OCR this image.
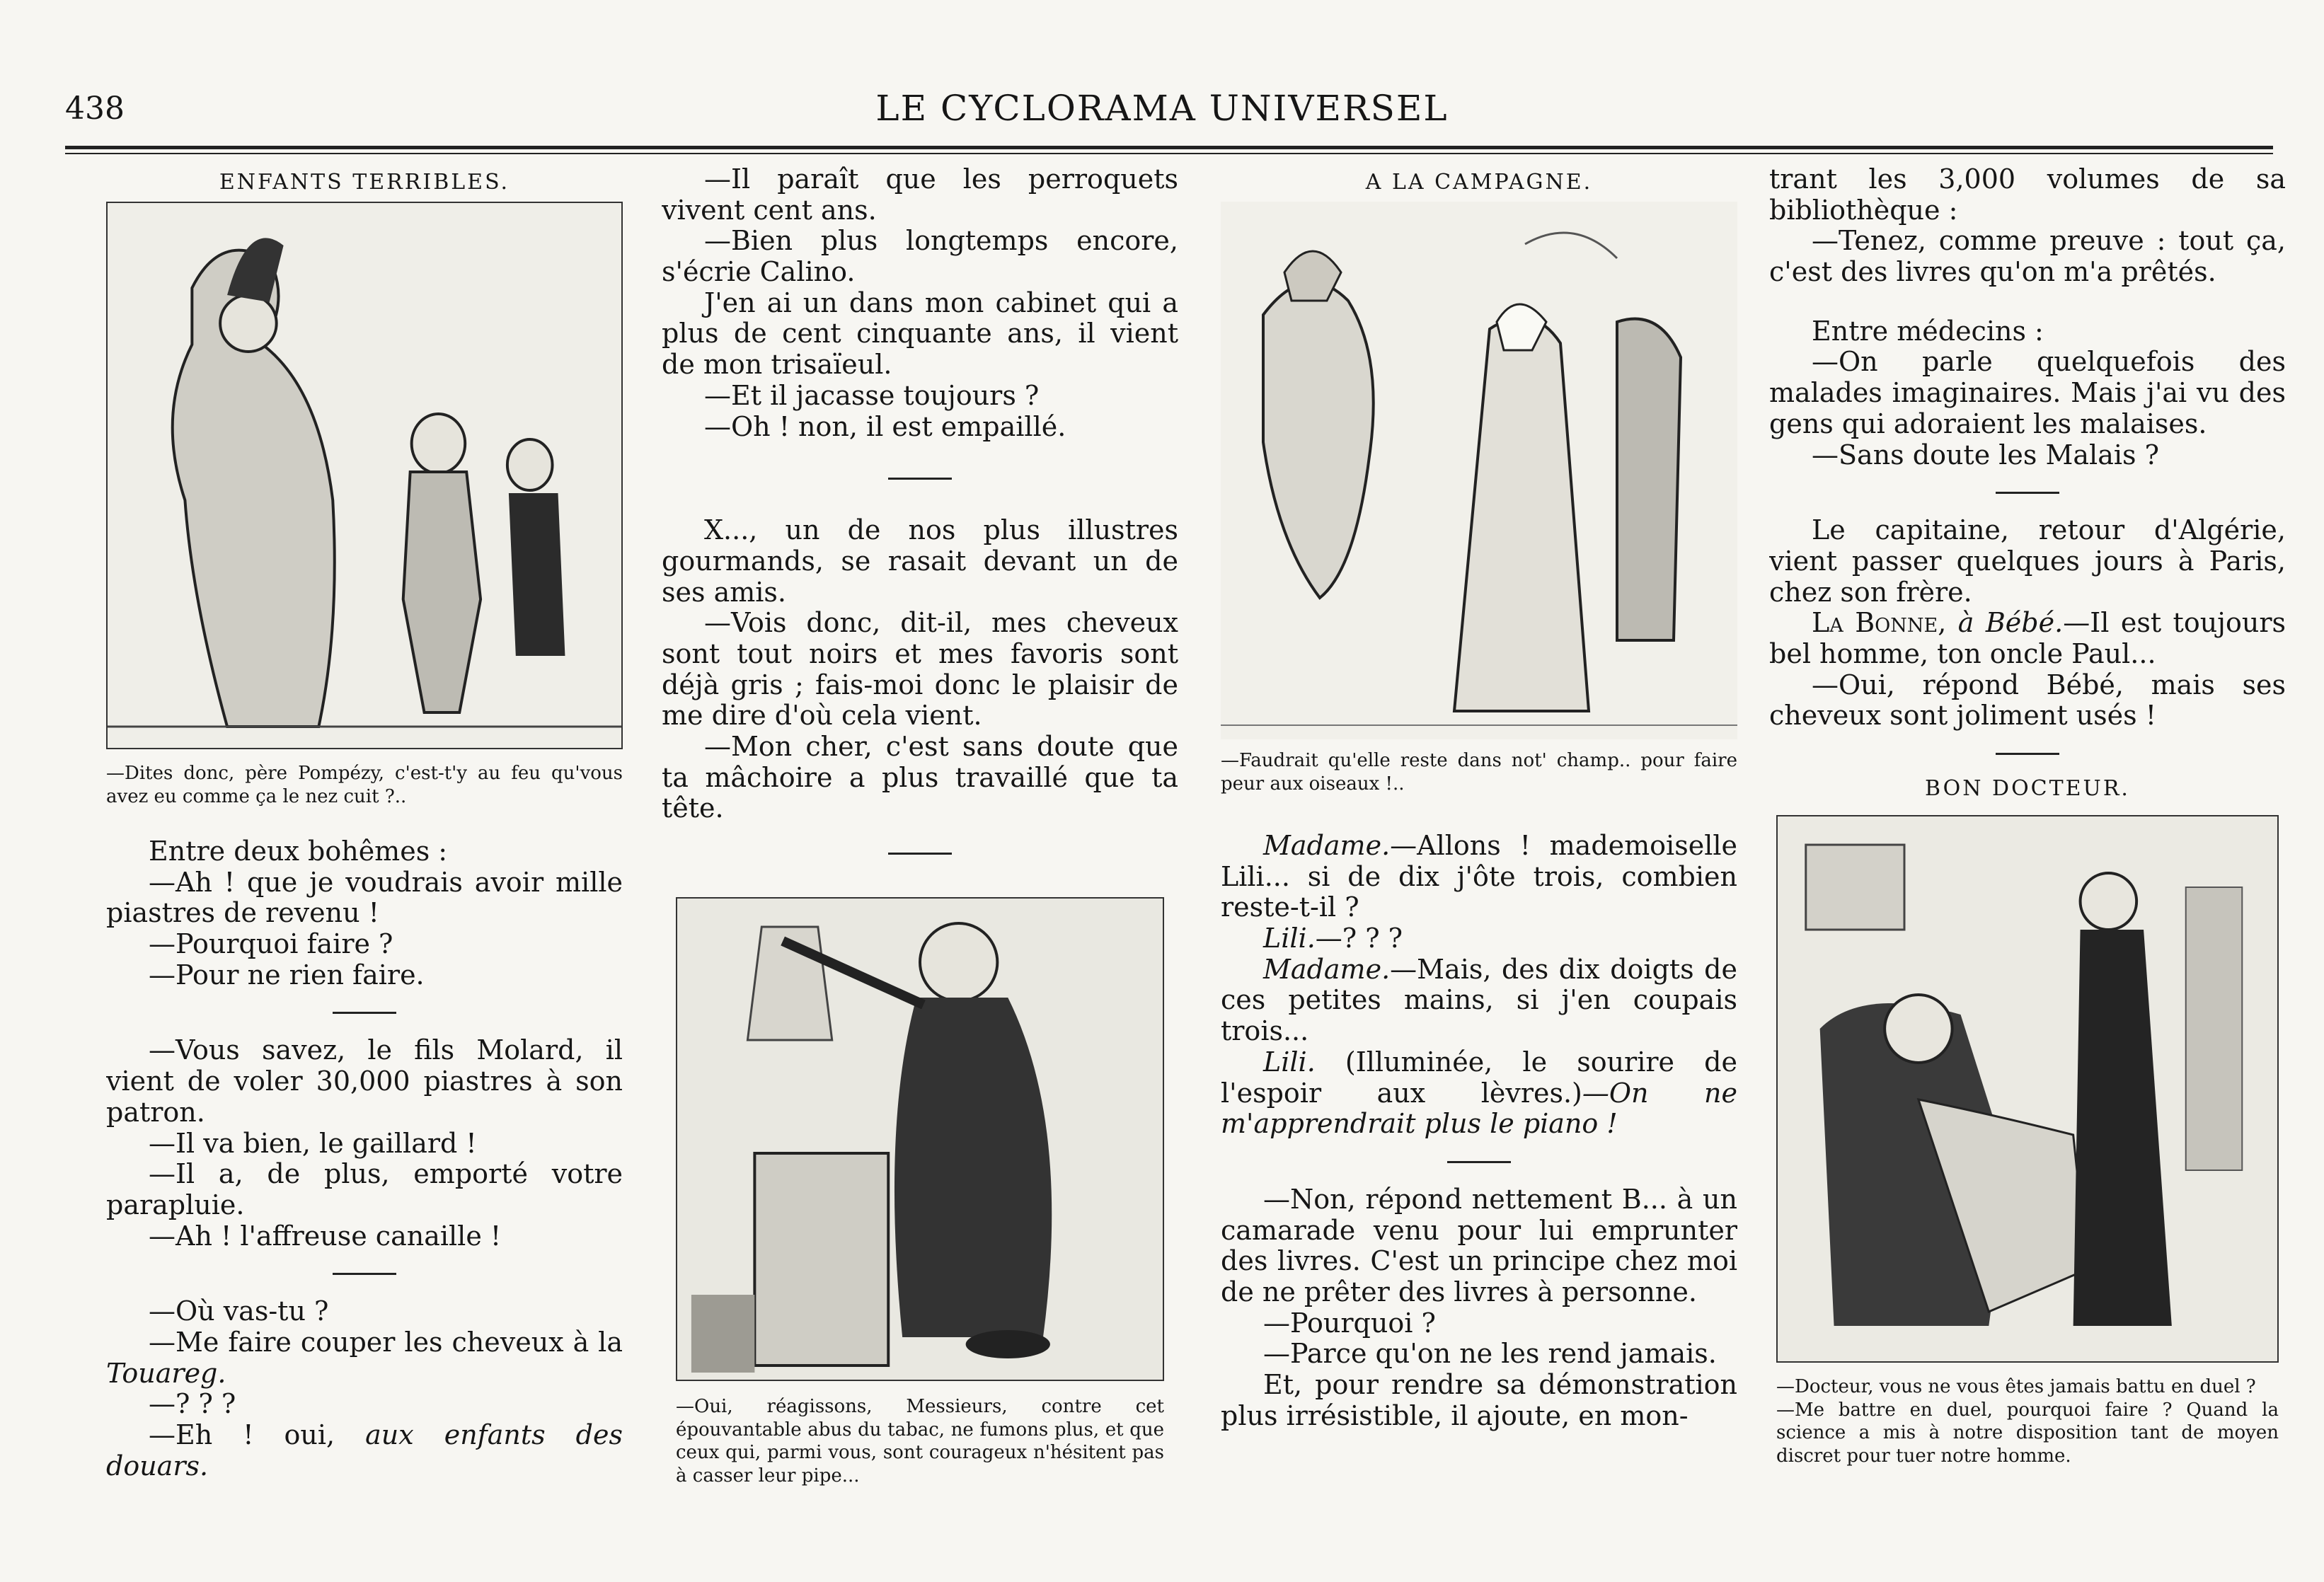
438	LE CYCLORAMA UNIVERSEL
ENFANTS TERRIBLES.
—Dites donc, père Pompézy, c'est-t'y au feu qu'vous avez eu comme ça le nez cuit ?..

Entre deux bohêmes :

—Ah ! que je voudrais avoir mille piastres de revenu !

—Pourquoi faire ?

—Pour ne rien faire.

—Vous savez, le fils Molard, il vient de voler 30,000 piastres à son patron.

—Il va bien, le gaillard !

—Il a, de plus, emporté votre parapluie.

—Ah ! l'affreuse canaille !

—Où vas-tu ?

—Me faire couper les cheveux à la Touareg.

—? ? ?

—Eh ! oui, aux enfants des douars.

—Il paraît que les perroquets vivent cent ans.

—Bien plus longtemps encore, s'écrie Calino.

J'en ai un dans mon cabinet qui a plus de cent cinquante ans, il vient de mon trisaïeul.

—Et il jacasse toujours ?

—Oh ! non, il est empaillé.

X..., un de nos plus illustres gourmands, se rasait devant un de ses amis.

—Vois donc, dit-il, mes cheveux sont tout noirs et mes favoris sont déjà gris ; fais-moi donc le plaisir de me dire d'où cela vient.

—Mon cher, c'est sans doute que ta mâchoire a plus travaillé que ta tête.

—Oui, réagissons, Messieurs, contre cet épouvantable abus du tabac, ne fumons plus, et que ceux qui, parmi vous, sont courageux n'hésitent pas à casser leur pipe...
A LA CAMPAGNE.
—Faudrait qu'elle reste dans not' champ.. pour faire peur aux oiseaux !..

Madame.—Allons ! mademoiselle Lili... si de dix j'ôte trois, combien reste-t-il ?

Lili.—? ? ?

Madame.—Mais, des dix doigts de ces petites mains, si j'en coupais trois...

Lili. (Illuminée, le sourire de l'espoir aux lèvres.)—On ne m'apprendrait plus le piano !

—Non, répond nettement B... à un camarade venu pour lui emprunter des livres. C'est un principe chez moi de ne prêter des livres à personne.

—Pourquoi ?

—Parce qu'on ne les rend jamais.

Et, pour rendre sa démonstration plus irrésistible, il ajoute, en mon-

trant les 3,000 volumes de sa bibliothèque :

—Tenez, comme preuve : tout ça, c'est des livres qu'on m'a prêtés.

Entre médecins :

—On parle quelquefois des malades imaginaires. Mais j'ai vu des gens qui adoraient les malaises.

—Sans doute les Malais ?

Le capitaine, retour d'Algérie, vient passer quelques jours à Paris, chez son frère.

La Bonne, à Bébé.—Il est toujours bel homme, ton oncle Paul...

—Oui, répond Bébé, mais ses cheveux sont joliment usés !

BON DOCTEUR.
—Docteur, vous ne vous êtes jamais battu en duel ?
—Me battre en duel, pourquoi faire ? Quand la science a mis à notre disposition tant de moyen discret pour tuer notre homme.
